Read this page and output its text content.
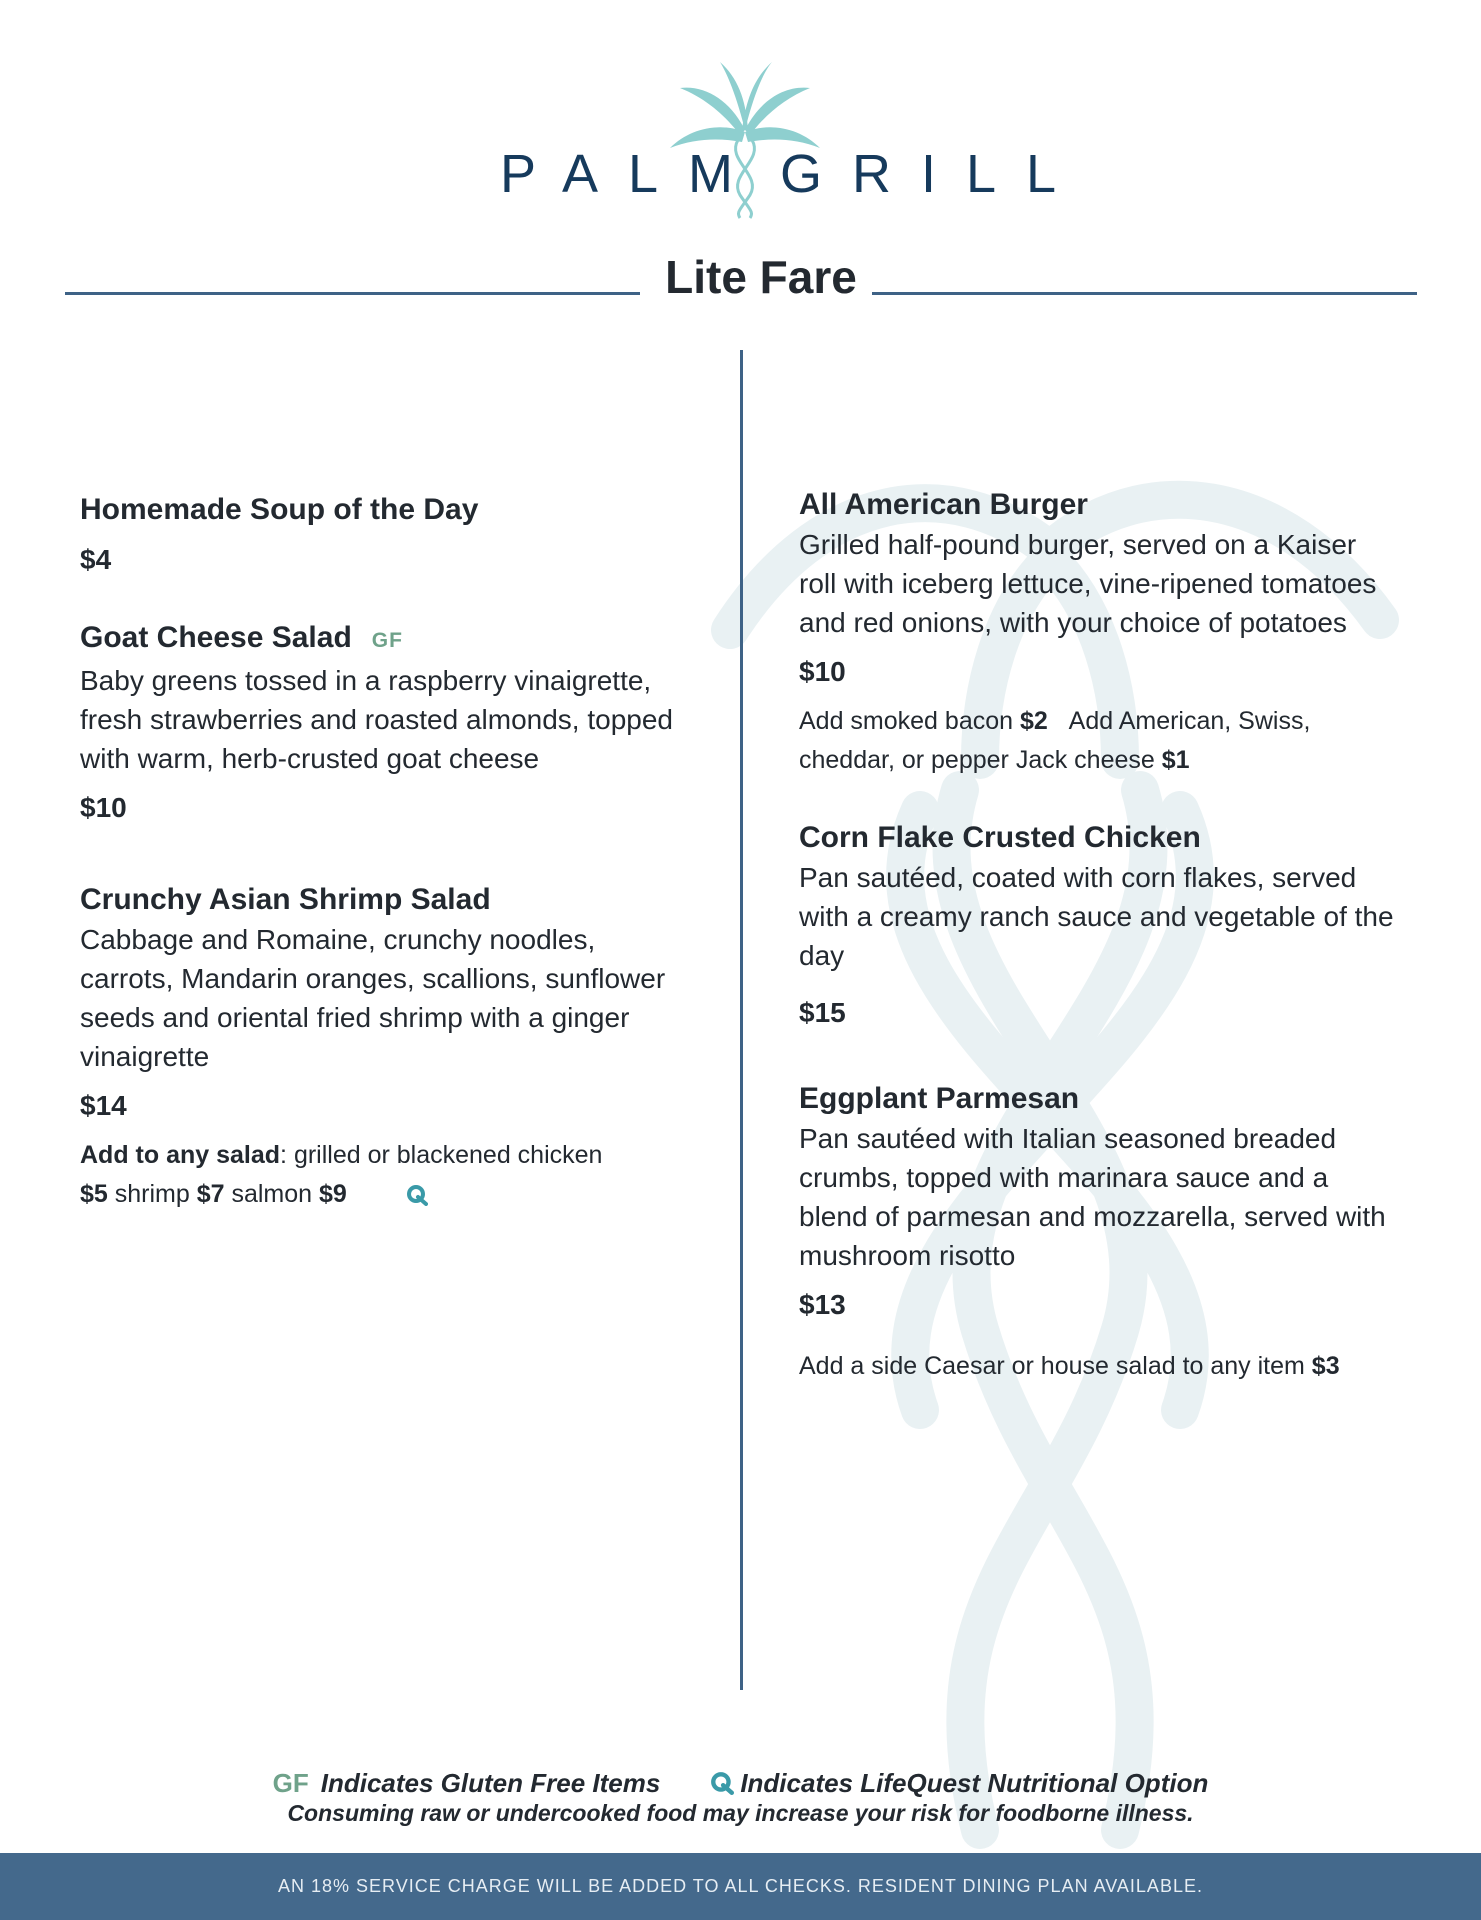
PALM GRILL
Lite Fare
Homemade Soup of the Day
$4
Goat Cheese Salad GF
Baby greens tossed in a raspberry vinaigrette, fresh strawberries and roasted almonds, topped with warm, herb-crusted goat cheese
$10
Crunchy Asian Shrimp Salad
Cabbage and Romaine, crunchy noodles, carrots, Mandarin oranges, scallions, sunflower seeds and oriental fried shrimp with a ginger vinaigrette
$14
Add to any salad: grilled or blackened chicken
$5 shrimp $7 salmon $9
All American Burger
Grilled half-pound burger, served on a Kaiser roll with iceberg lettuce, vine-ripened tomatoes and red onions, with your choice of potatoes
$10
Add smoked bacon $2 Add American, Swiss, cheddar, or pepper Jack cheese $1
Corn Flake Crusted Chicken
Pan sautéed, coated with corn flakes, served with a creamy ranch sauce and vegetable of the day
$15
Eggplant Parmesan
Pan sautéed with Italian seasoned breaded crumbs, topped with marinara sauce and a blend of parmesan and mozzarella, served with mushroom risotto
$13
Add a side Caesar or house salad to any item $3
GF Indicates Gluten Free Items	Indicates LifeQuest Nutritional Option
Consuming raw or undercooked food may increase your risk for foodborne illness.
AN 18% SERVICE CHARGE WILL BE ADDED TO ALL CHECKS. RESIDENT DINING PLAN AVAILABLE.
